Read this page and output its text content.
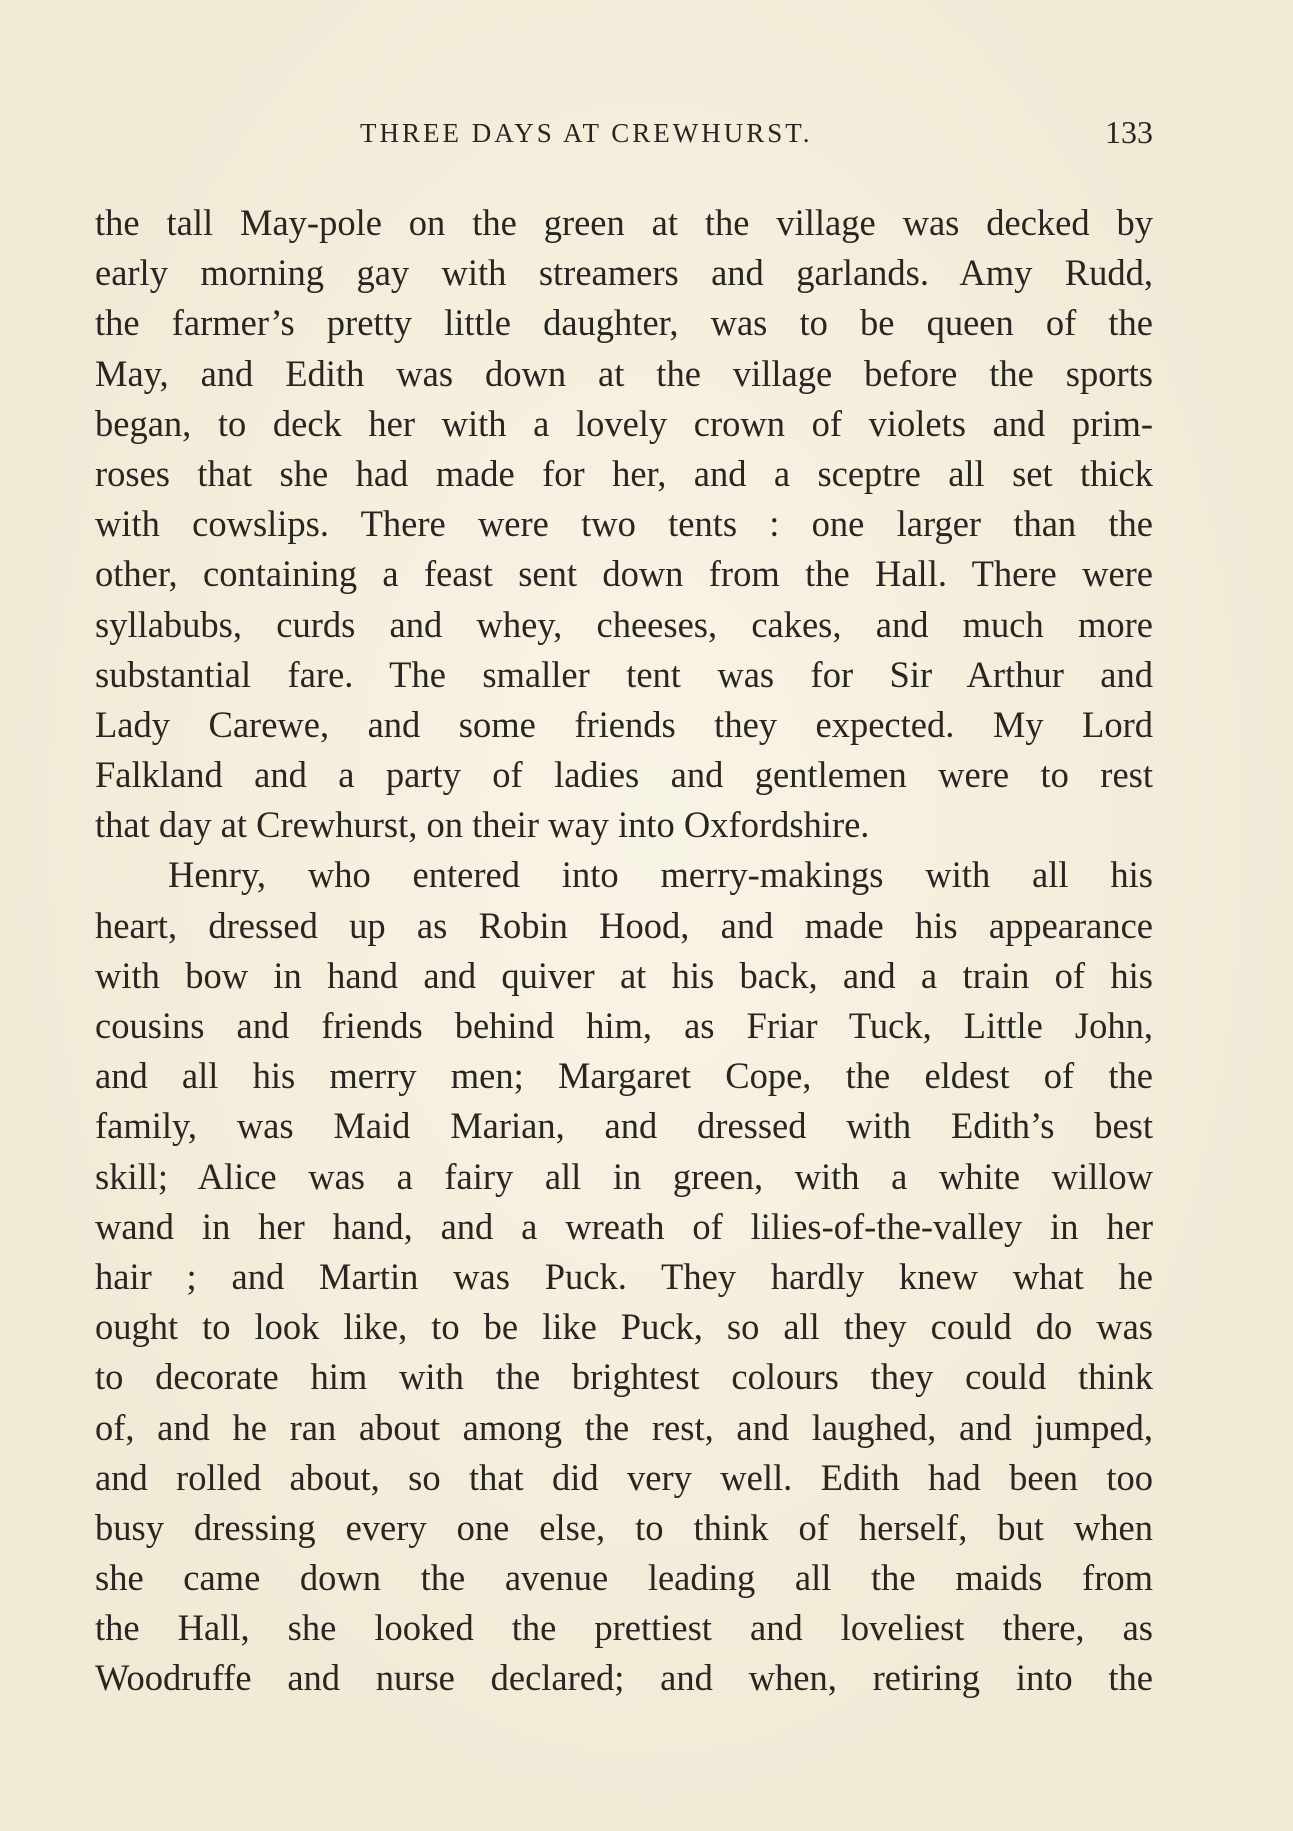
THREE DAYS AT CREWHURST.	133
the tall May-pole on the green at the village was decked by
early morning gay with streamers and garlands. Amy Rudd,
the farmer’s pretty little daughter, was to be queen of the
May, and Edith was down at the village before the sports
began, to deck her with a lovely crown of violets and prim-
roses that she had made for her, and a sceptre all set thick
with cowslips. There were two tents : one larger than the
other, containing a feast sent down from the Hall. There were
syllabubs, curds and whey, cheeses, cakes, and much more
substantial fare. The smaller tent was for Sir Arthur and
Lady Carewe, and some friends they expected. My Lord
Falkland and a party of ladies and gentlemen were to rest
that day at Crewhurst, on their way into Oxfordshire.
Henry, who entered into merry-makings with all his
heart, dressed up as Robin Hood, and made his appearance
with bow in hand and quiver at his back, and a train of his
cousins and friends behind him, as Friar Tuck, Little John,
and all his merry men; Margaret Cope, the eldest of the
family, was Maid Marian, and dressed with Edith’s best
skill; Alice was a fairy all in green, with a white willow
wand in her hand, and a wreath of lilies-of-the-valley in her
hair ; and Martin was Puck. They hardly knew what he
ought to look like, to be like Puck, so all they could do was
to decorate him with the brightest colours they could think
of, and he ran about among the rest, and laughed, and jumped,
and rolled about, so that did very well. Edith had been too
busy dressing every one else, to think of herself, but when
she came down the avenue leading all the maids from
the Hall, she looked the prettiest and loveliest there, as
Woodruffe and nurse declared; and when, retiring into the
